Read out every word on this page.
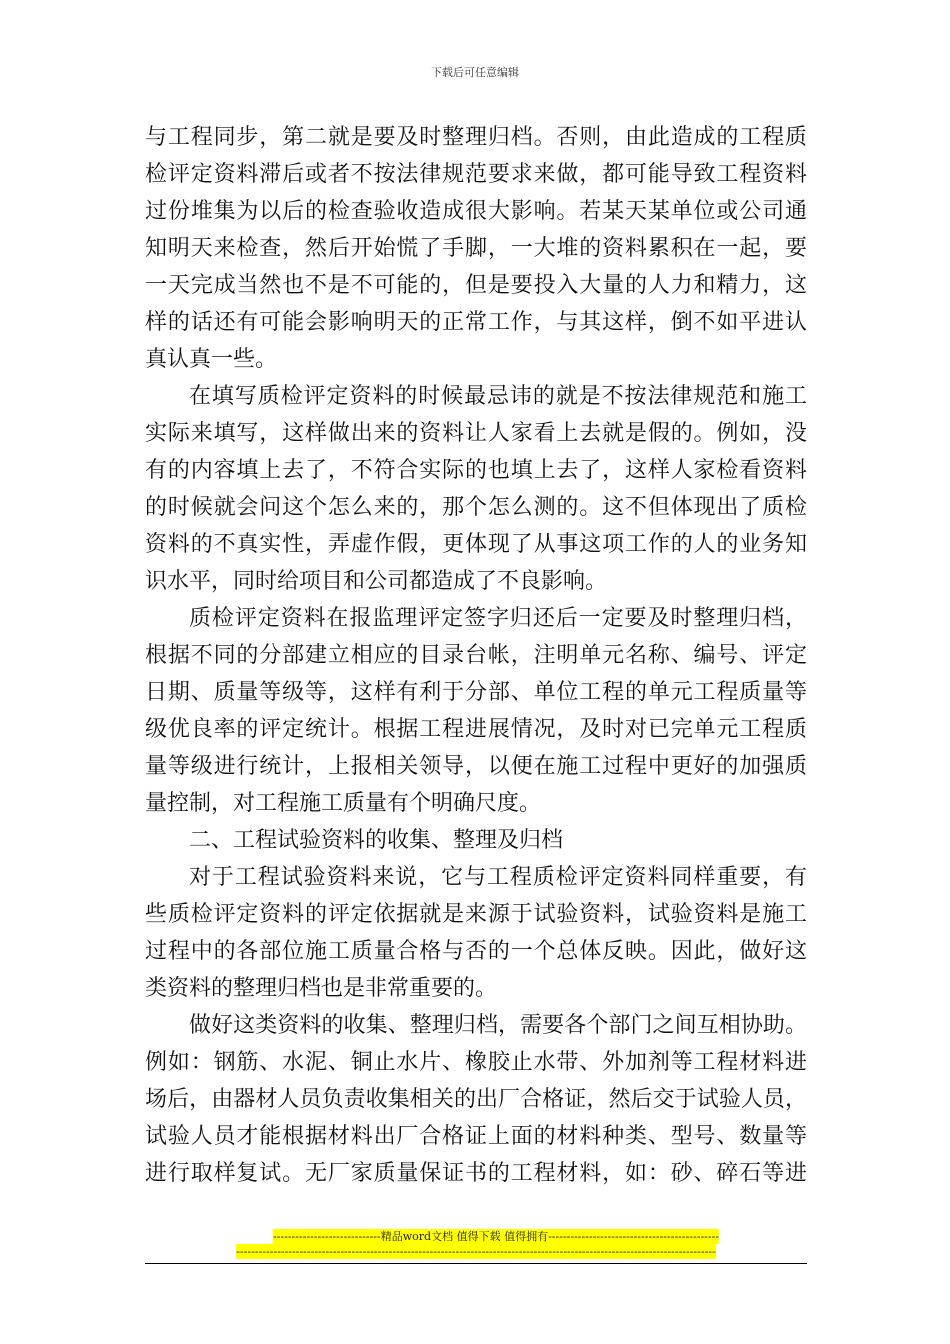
下载后可任意编辑
与工程同步，第二就是要及时整理归档。否则，由此造成的工程质
检评定资料滞后或者不按法律规范要求来做，都可能导致工程资料
过份堆集为以后的检查验收造成很大影响。若某天某单位或公司通
知明天来检查，然后开始慌了手脚，一大堆的资料累积在一起，要
一天完成当然也不是不可能的，但是要投入大量的人力和精力，这
样的话还有可能会影响明天的正常工作，与其这样，倒不如平进认
真认真一些。
在填写质检评定资料的时候最忌讳的就是不按法律规范和施工
实际来填写，这样做出来的资料让人家看上去就是假的。例如，没
有的内容填上去了，不符合实际的也填上去了，这样人家检看资料
的时候就会问这个怎么来的，那个怎么测的。这不但体现出了质检
资料的不真实性，弄虚作假，更体现了从事这项工作的人的业务知
识水平，同时给项目和公司都造成了不良影响。
质检评定资料在报监理评定签字归还后一定要及时整理归档，
根据不同的分部建立相应的目录台帐，注明单元名称、编号、评定
日期、质量等级等，这样有利于分部、单位工程的单元工程质量等
级优良率的评定统计。根据工程进展情况，及时对已完单元工程质
量等级进行统计，上报相关领导，以便在施工过程中更好的加强质
量控制，对工程施工质量有个明确尺度。
二、工程试验资料的收集、整理及归档
对于工程试验资料来说，它与工程质检评定资料同样重要，有
些质检评定资料的评定依据就是来源于试验资料，试验资料是施工
过程中的各部位施工质量合格与否的一个总体反映。因此，做好这
类资料的整理归档也是非常重要的。
做好这类资料的收集、整理归档，需要各个部门之间互相协助。
例如：钢筋、水泥、铜止水片、橡胶止水带、外加剂等工程材料进
场后，由器材人员负责收集相关的出厂合格证，然后交于试验人员，
试验人员才能根据材料出厂合格证上面的材料种类、型号、数量等
进行取样复试。无厂家质量保证书的工程材料，如：砂、碎石等进
-----------------------------精品word文档 值得下载 值得拥有----------------------------------------------
---------------------------------------------------------------------------------------------------------------------------------
